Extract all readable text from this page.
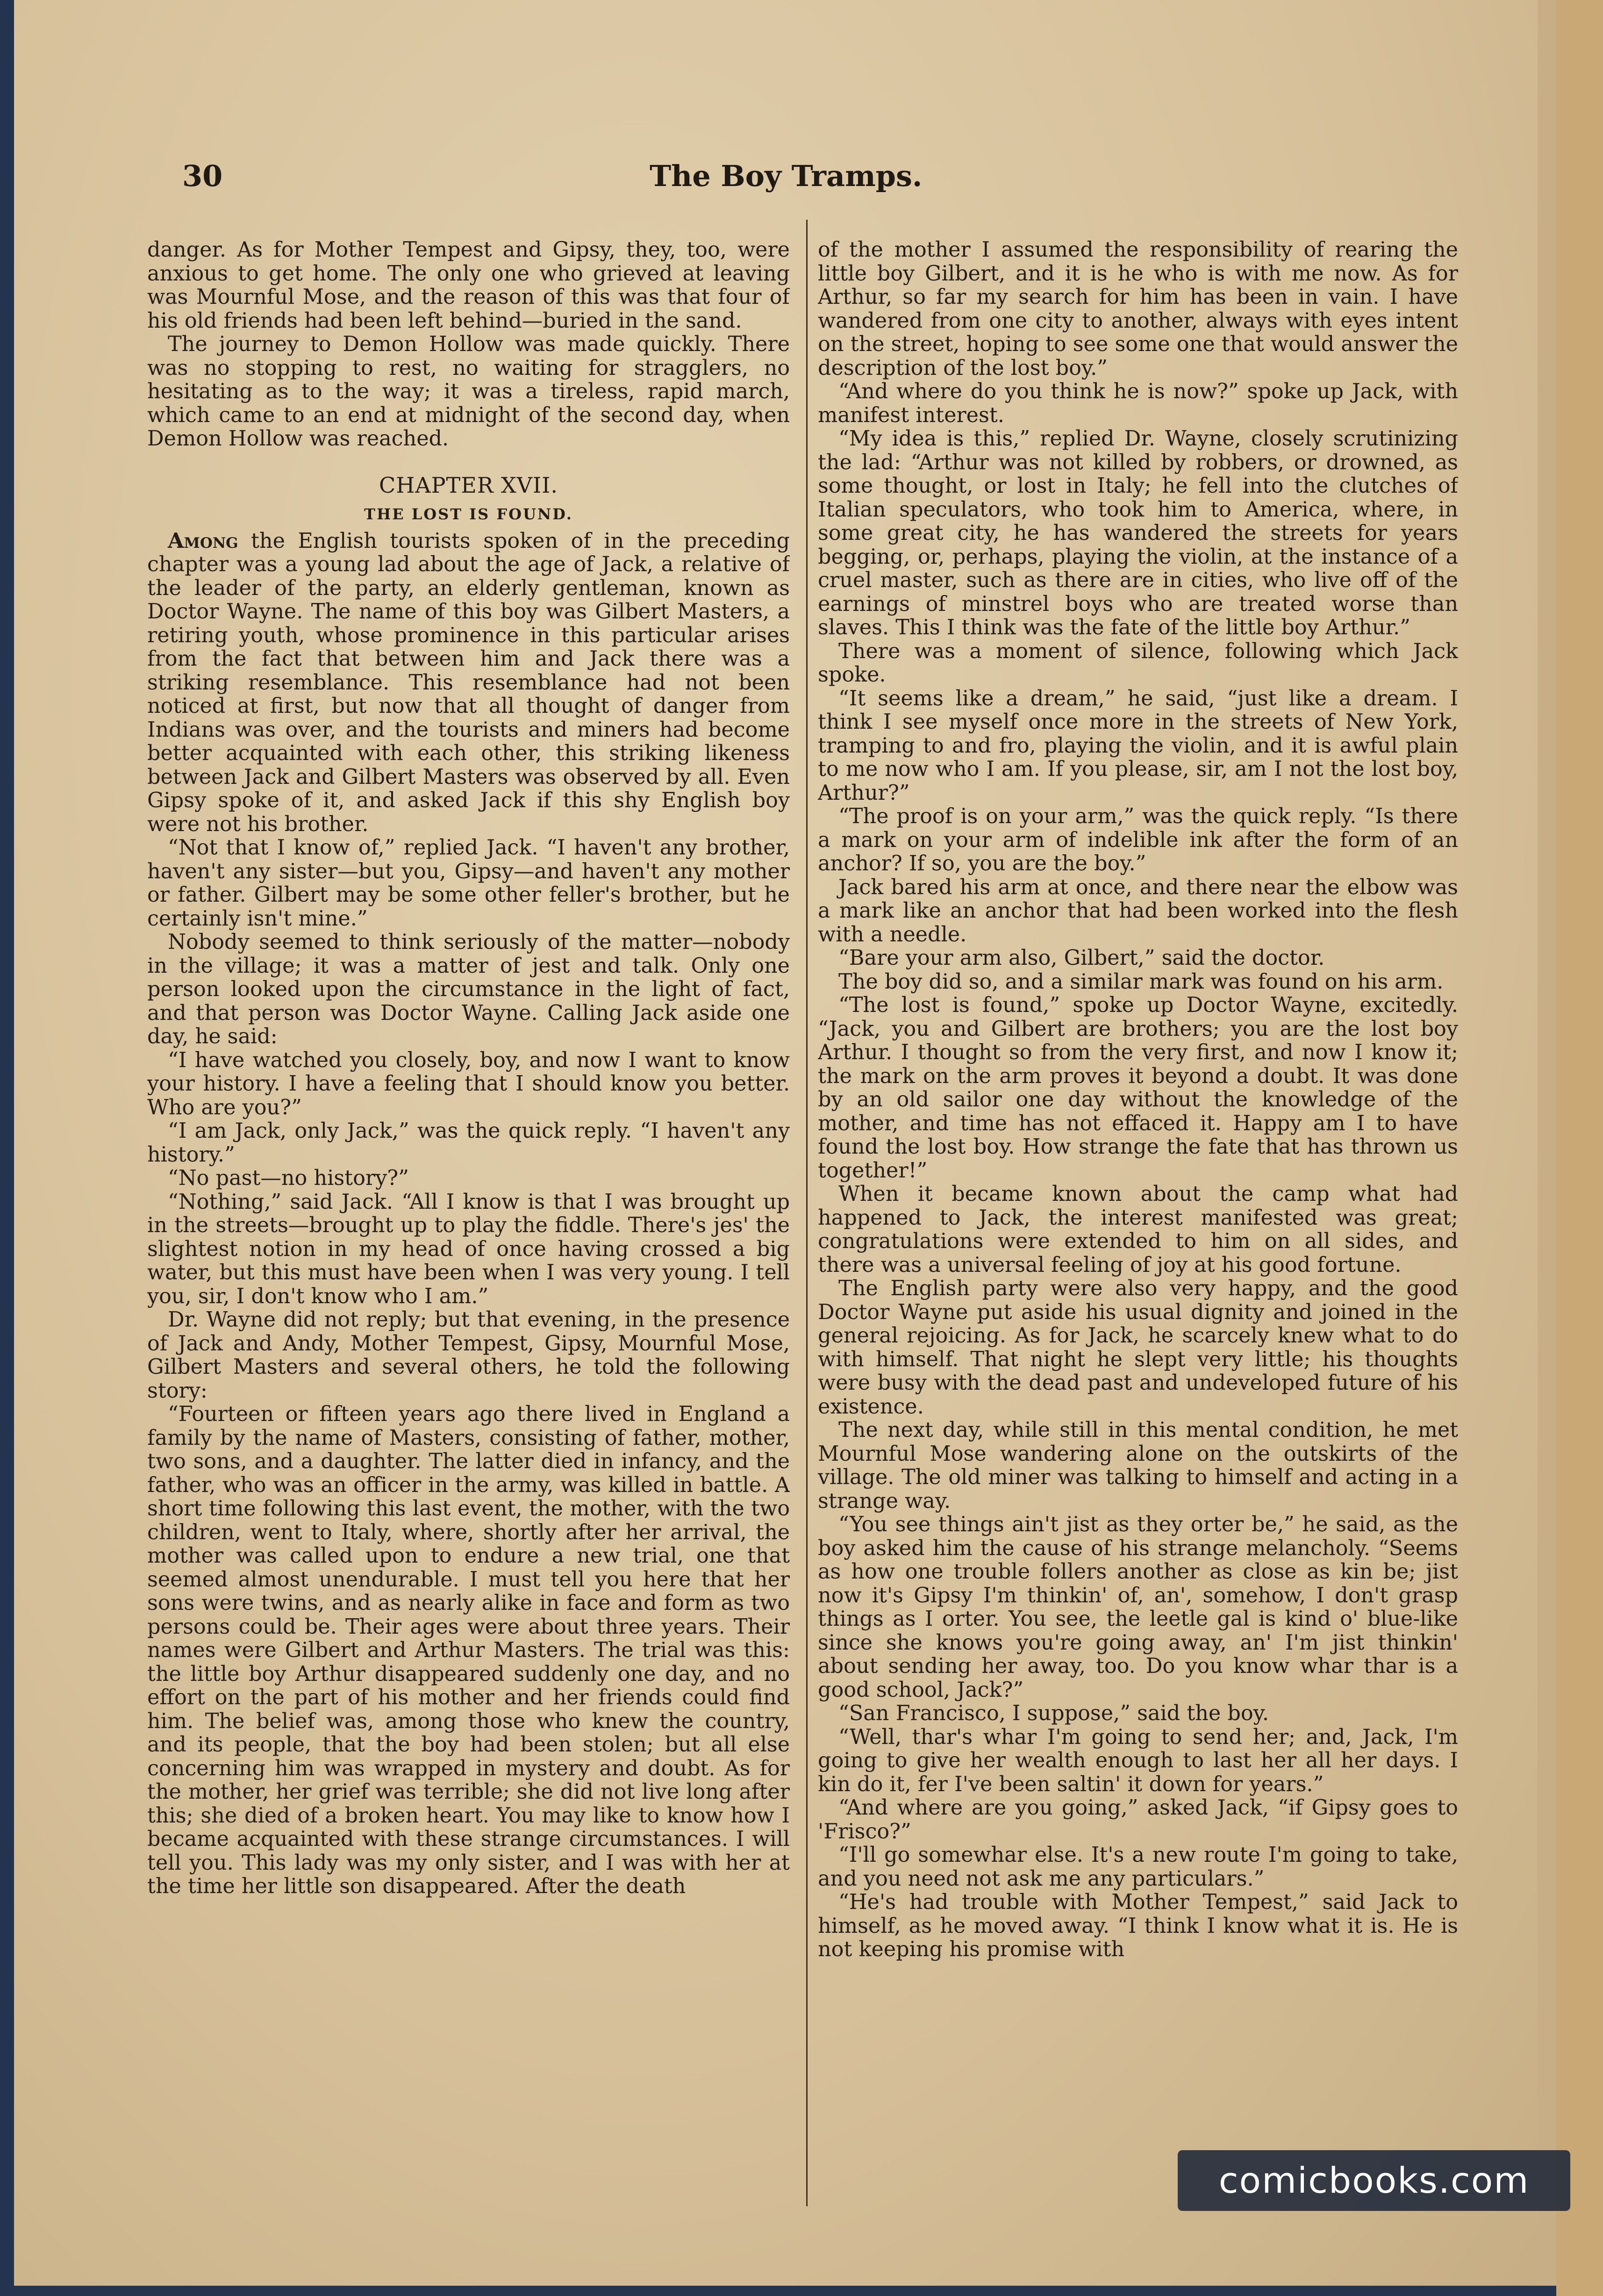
30	The Boy Tramps.

danger. As for Mother Tempest and Gipsy, they, too, were anxious to get home. The only one who grieved at leaving was Mournful Mose, and the reason of this was that four of his old friends had been left behind—buried in the sand.

The journey to Demon Hollow was made quickly. There was no stopping to rest, no waiting for stragglers, no hesitating as to the way; it was a tireless, rapid march, which came to an end at midnight of the second day, when Demon Hollow was reached.

CHAPTER XVII.
THE LOST IS FOUND.

Among the English tourists spoken of in the preceding chapter was a young lad about the age of Jack, a relative of the leader of the party, an elderly gentleman, known as Doctor Wayne. The name of this boy was Gilbert Masters, a retiring youth, whose prominence in this particular arises from the fact that between him and Jack there was a striking resemblance. This resemblance had not been noticed at first, but now that all thought of danger from Indians was over, and the tourists and miners had become better acquainted with each other, this striking likeness between Jack and Gilbert Masters was observed by all. Even Gipsy spoke of it, and asked Jack if this shy English boy were not his brother.

“Not that I know of,” replied Jack. “I haven't any brother, haven't any sister—but you, Gipsy—and haven't any mother or father. Gilbert may be some other feller's brother, but he certainly isn't mine.”

Nobody seemed to think seriously of the matter—nobody in the village; it was a matter of jest and talk. Only one person looked upon the circumstance in the light of fact, and that person was Doctor Wayne. Calling Jack aside one day, he said:

“I have watched you closely, boy, and now I want to know your history. I have a feeling that I should know you better. Who are you?”

“I am Jack, only Jack,” was the quick reply. “I haven't any history.”

“No past—no history?”

“Nothing,” said Jack. “All I know is that I was brought up in the streets—brought up to play the fiddle. There's jes' the slightest notion in my head of once having crossed a big water, but this must have been when I was very young. I tell you, sir, I don't know who I am.”

Dr. Wayne did not reply; but that evening, in the presence of Jack and Andy, Mother Tempest, Gipsy, Mournful Mose, Gilbert Masters and several others, he told the following story:

“Fourteen or fifteen years ago there lived in England a family by the name of Masters, consisting of father, mother, two sons, and a daughter. The latter died in infancy, and the father, who was an officer in the army, was killed in battle. A short time following this last event, the mother, with the two children, went to Italy, where, shortly after her arrival, the mother was called upon to endure a new trial, one that seemed almost unendurable. I must tell you here that her sons were twins, and as nearly alike in face and form as two persons could be. Their ages were about three years. Their names were Gilbert and Arthur Masters. The trial was this: the little boy Arthur disappeared suddenly one day, and no effort on the part of his mother and her friends could find him. The belief was, among those who knew the country, and its people, that the boy had been stolen; but all else concerning him was wrapped in mystery and doubt. As for the mother, her grief was terrible; she did not live long after this; she died of a broken heart. You may like to know how I became acquainted with these strange circumstances. I will tell you. This lady was my only sister, and I was with her at the time her little son disappeared. After the death

of the mother I assumed the responsibility of rearing the little boy Gilbert, and it is he who is with me now. As for Arthur, so far my search for him has been in vain. I have wandered from one city to another, always with eyes intent on the street, hoping to see some one that would answer the description of the lost boy.”

“And where do you think he is now?” spoke up Jack, with manifest interest.

“My idea is this,” replied Dr. Wayne, closely scrutinizing the lad: “Arthur was not killed by robbers, or drowned, as some thought, or lost in Italy; he fell into the clutches of Italian speculators, who took him to America, where, in some great city, he has wandered the streets for years begging, or, perhaps, playing the violin, at the instance of a cruel master, such as there are in cities, who live off of the earnings of minstrel boys who are treated worse than slaves. This I think was the fate of the little boy Arthur.”

There was a moment of silence, following which Jack spoke.

“It seems like a dream,” he said, “just like a dream. I think I see myself once more in the streets of New York, tramping to and fro, playing the violin, and it is awful plain to me now who I am. If you please, sir, am I not the lost boy, Arthur?”

“The proof is on your arm,” was the quick reply. “Is there a mark on your arm of indelible ink after the form of an anchor? If so, you are the boy.”

Jack bared his arm at once, and there near the elbow was a mark like an anchor that had been worked into the flesh with a needle.

“Bare your arm also, Gilbert,” said the doctor.

The boy did so, and a similar mark was found on his arm.

“The lost is found,” spoke up Doctor Wayne, excitedly. “Jack, you and Gilbert are brothers; you are the lost boy Arthur. I thought so from the very first, and now I know it; the mark on the arm proves it beyond a doubt. It was done by an old sailor one day without the knowledge of the mother, and time has not effaced it. Happy am I to have found the lost boy. How strange the fate that has thrown us together!”

When it became known about the camp what had happened to Jack, the interest manifested was great; congratulations were extended to him on all sides, and there was a universal feeling of joy at his good fortune.

The English party were also very happy, and the good Doctor Wayne put aside his usual dignity and joined in the general rejoicing. As for Jack, he scarcely knew what to do with himself. That night he slept very little; his thoughts were busy with the dead past and undeveloped future of his existence.

The next day, while still in this mental condition, he met Mournful Mose wandering alone on the outskirts of the village. The old miner was talking to himself and acting in a strange way.

“You see things ain't jist as they orter be,” he said, as the boy asked him the cause of his strange melancholy. “Seems as how one trouble follers another as close as kin be; jist now it's Gipsy I'm thinkin' of, an', somehow, I don't grasp things as I orter. You see, the leetle gal is kind o' blue-like since she knows you're going away, an' I'm jist thinkin' about sending her away, too. Do you know whar thar is a good school, Jack?”

“San Francisco, I suppose,” said the boy.

“Well, thar's whar I'm going to send her; and, Jack, I'm going to give her wealth enough to last her all her days. I kin do it, fer I've been saltin' it down for years.”

“And where are you going,” asked Jack, “if Gipsy goes to 'Frisco?”

“I'll go somewhar else. It's a new route I'm going to take, and you need not ask me any particulars.”

“He's had trouble with Mother Tempest,” said Jack to himself, as he moved away. “I think I know what it is. He is not keeping his promise with

comicbooks.com
